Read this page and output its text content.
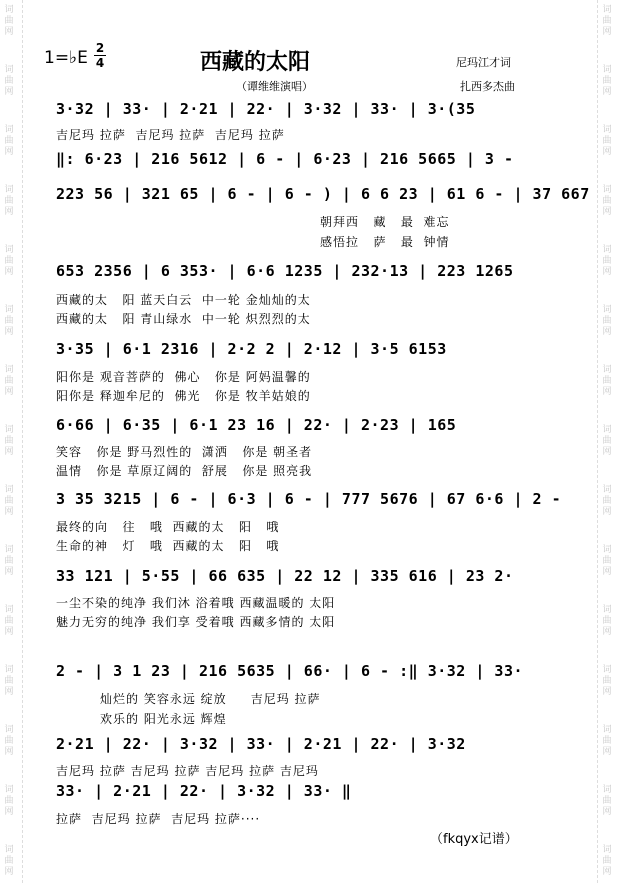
词曲网
词曲网
词曲网
词曲网
词曲网
词曲网
词曲网
词曲网
词曲网
词曲网
词曲网
词曲网
词曲网
词曲网
词曲网
词曲网
词曲网
词曲网
词曲网
词曲网
词曲网
词曲网
词曲网
词曲网
词曲网
词曲网
词曲网
词曲网
词曲网
词曲网
1=♭E 2
4	西藏的太阳
（谭维维演唱）
尼玛江才词
扎西多杰曲
3·32 | 33· | 2·21 | 22· | 3·32 | 33· | 3·(35
吉尼玛 拉萨  吉尼玛 拉萨  吉尼玛 拉萨
‖: 6·23 | 216 5612 | 6 - | 6·23 | 216 5665 | 3 -
223 56 | 321 65 | 6 - | 6 - ) | 6 6 23 | 61 6 - | 37 667
朝拜西   藏   最  难忘
感悟拉   萨   最  钟情
653 2356 | 6 353· | 6·6 1235 | 232·13 | 223 1265
西藏的太   阳 蓝天白云  中一轮 金灿灿的太
西藏的太   阳 青山绿水  中一轮 炽烈烈的太
3·35 | 6·1 2316 | 2·2 2 | 2·12 | 3·5 6153
阳你是 观音菩萨的  佛心   你是 阿妈温馨的
阳你是 释迦牟尼的  佛光   你是 牧羊姑娘的
6·66 | 6·35 | 6·1 23 16 | 22· | 2·23 | 165
笑容   你是 野马烈性的  潇洒   你是 朝圣者
温情   你是 草原辽阔的  舒展   你是 照亮我
3 35 3215 | 6 - | 6·3 | 6 - | 777 5676 | 67 6·6 | 2 -
最终的向   往   哦  西藏的太   阳   哦
生命的神   灯   哦  西藏的太   阳   哦
33 121 | 5·55 | 66 635 | 22 12 | 335 616 | 23 2·
一尘不染的纯净 我们沐 浴着哦 西藏温暖的 太阳
魅力无穷的纯净 我们享 受着哦 西藏多情的 太阳
2 - | 3 1 23 | 216 5635 | 66· | 6 - :‖ 3·32 | 33·
灿烂的 笑容永远 绽放     吉尼玛 拉萨
欢乐的 阳光永远 辉煌
2·21 | 22· | 3·32 | 33· | 2·21 | 22· | 3·32
吉尼玛 拉萨 吉尼玛 拉萨 吉尼玛 拉萨 吉尼玛
33· | 2·21 | 22· | 3·32 | 33· ‖
拉萨  吉尼玛 拉萨  吉尼玛 拉萨····
（fkqyx记谱）
